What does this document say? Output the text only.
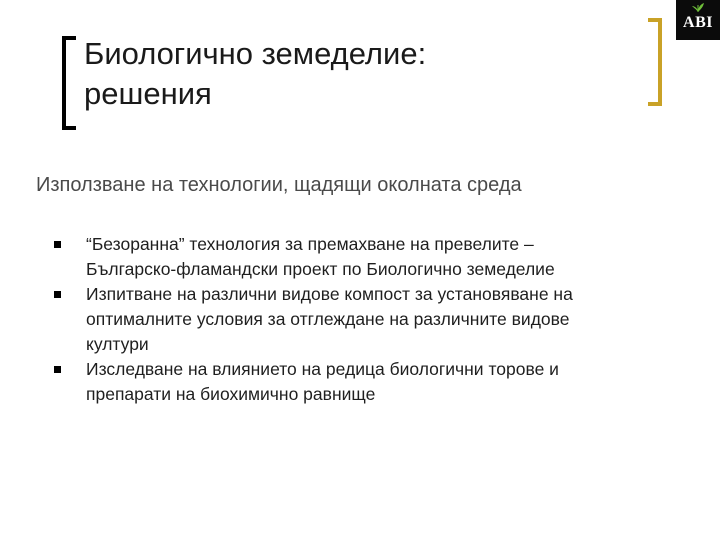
Биологично земеделие:
решения
ABI
Използване на технологии, щадящи околната среда
“Безоранна” технология за премахване на превелите –
Българско-фламандски проект по Биологично земеделие
Изпитване на различни видове компост за установяване на
оптималните условия за отглеждане на различните видове
култури
Изследване на влиянието на редица биологични торове и
препарати на биохимично равнище
